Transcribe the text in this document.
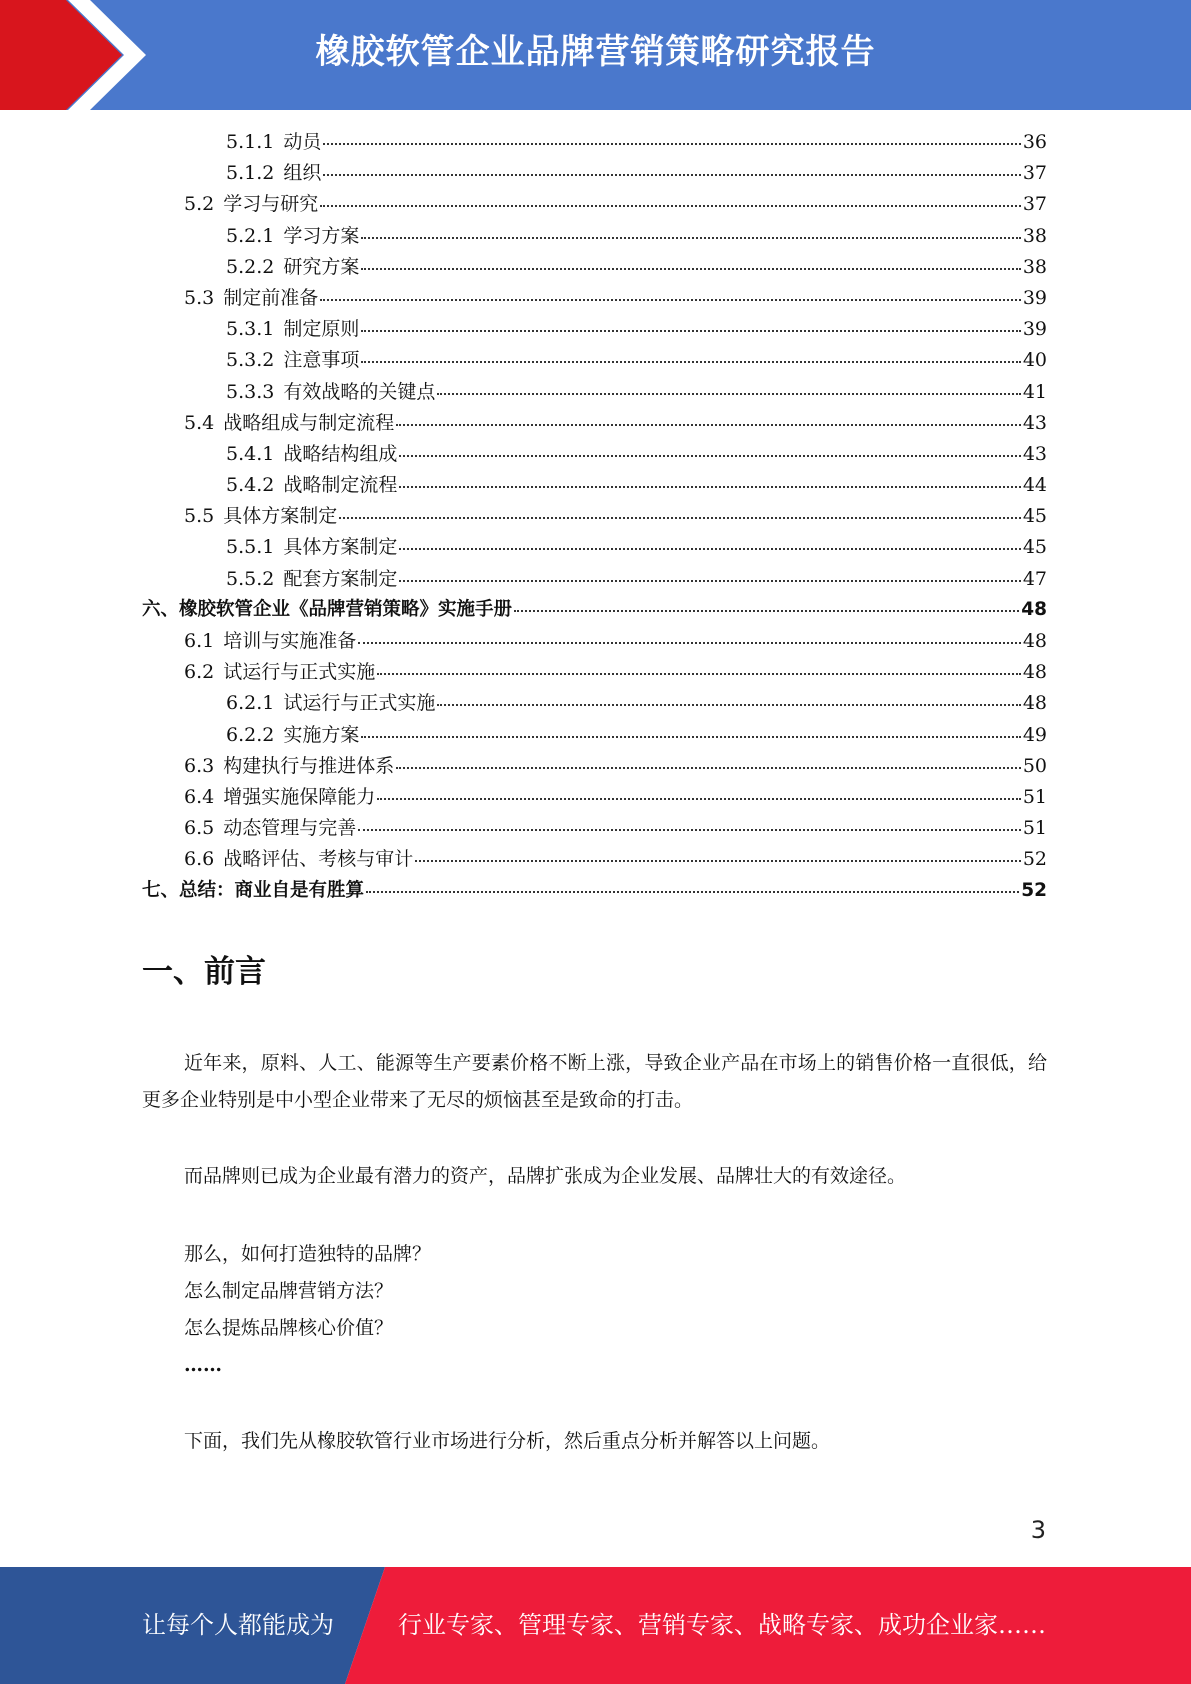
橡胶软管企业品牌营销策略研究报告
5.1.1 动员	36
5.1.2 组织	37
5.2 学习与研究	37
5.2.1 学习方案	38
5.2.2 研究方案	38
5.3 制定前准备	39
5.3.1 制定原则	39
5.3.2 注意事项	40
5.3.3 有效战略的关键点	41
5.4 战略组成与制定流程	43
5.4.1 战略结构组成	43
5.4.2 战略制定流程	44
5.5 具体方案制定	45
5.5.1 具体方案制定	45
5.5.2 配套方案制定	47
六、橡胶软管企业《品牌营销策略》实施手册	48
6.1 培训与实施准备	48
6.2 试运行与正式实施	48
6.2.1 试运行与正式实施	48
6.2.2 实施方案	49
6.3 构建执行与推进体系	50
6.4 增强实施保障能力	51
6.5 动态管理与完善	51
6.6 战略评估、考核与审计	52
七、总结：商业自是有胜算	52
一、前言

近年来，原料、人工、能源等生产要素价格不断上涨，导致企业产品在市场上的销售价格一直很低，给更多企业特别是中小型企业带来了无尽的烦恼甚至是致命的打击。

而品牌则已成为企业最有潜力的资产，品牌扩张成为企业发展、品牌壮大的有效途径。

那么，如何打造独特的品牌？

怎么制定品牌营销方法？

怎么提炼品牌核心价值？

……

下面，我们先从橡胶软管行业市场进行分析，然后重点分析并解答以上问题。

3
让每个人都能成为	行业专家、管理专家、营销专家、战略专家、成功企业家……
